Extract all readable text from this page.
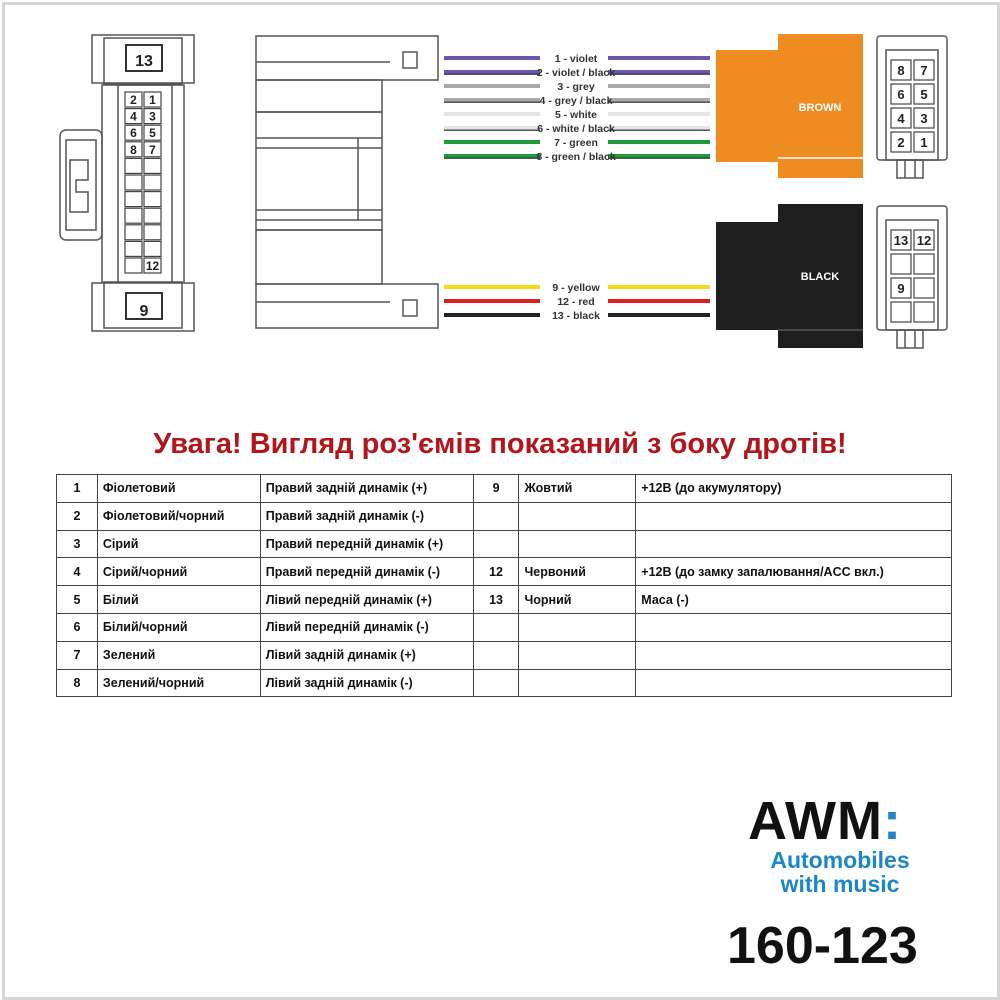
2 1
4 3
6 5
8 7
12
13
9
1 - violet
2 - violet / black
3 - grey
4 - grey / black
5 - white
6 - white / black
7 - green
8 - green / black
9 - yellow
12 - red
13 - black
BROWN
BLACK
8 7
6 5
4 3
2 1
13 12
9
Увага! Вигляд роз'ємів показаний з боку дротів!
1	Фіолетовий	Правий задній динамік (+)	9	Жовтий	+12В (до акумулятору)
2	Фіолетовий/чорний	Правий задній динамік (-)			
3	Сірий	Правий передній динамік (+)			
4	Сірий/чорний	Правий передній динамік (-)	12	Червоний	+12В (до замку запалювання/ACC вкл.)
5	Білий	Лівий передній динамік (+)	13	Чорний	Маса (-)
6	Білий/чорний	Лівий передній динамік (-)			
7	Зелений	Лівий задній динамік (+)			
8	Зелений/чорний	Лівий задній динамік (-)			
AWM:
Automobiles
with music
160-123
